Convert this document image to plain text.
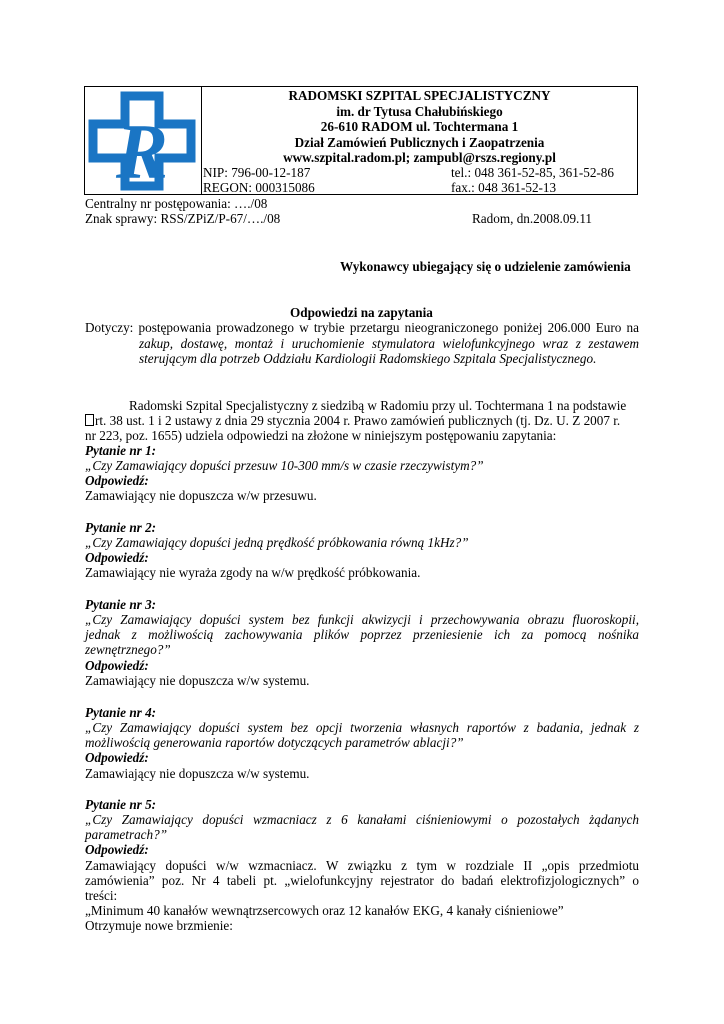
R
RADOMSKI SZPITAL SPECJALISTYCZNY
im. dr Tytusa Chałubińskiego
26-610 RADOM ul. Tochtermana 1
Dział Zamówień Publicznych i Zaopatrzenia
www.szpital.radom.pl; zampubl@rszs.regiony.pl
NIP: 796-00-12-187	tel.: 048 361-52-85, 361-52-86
REGON: 000315086	fax.: 048 361-52-13
Centralny nr postępowania: …./08
Znak sprawy: RSS/ZPiZ/P-67/…./08	Radom, dn.2008.09.11
Wykonawcy ubiegający się o udzielenie zamówienia
Odpowiedzi na zapytania
Dotyczy: postępowania prowadzonego w trybie przetargu nieograniczonego poniżej 206.000 Euro na
zakup, dostawę, montaż i uruchomienie stymulatora wielofunkcyjnego wraz z zestawem
sterującym dla potrzeb Oddziału Kardiologii Radomskiego Szpitala Specjalistycznego.
Radomski Szpital Specjalistyczny z siedzibą w Radomiu przy ul. Tochtermana 1 na podstawie
rt. 38 ust. 1 i 2 ustawy z dnia 29 stycznia 2004 r. Prawo zamówień publicznych (tj. Dz. U. Z 2007 r.
nr 223, poz. 1655) udziela odpowiedzi na złożone w niniejszym postępowaniu zapytania:
Pytanie nr 1:
„Czy Zamawiający dopuści przesuw 10-300 mm/s w czasie rzeczywistym?”
Odpowiedź:
Zamawiający nie dopuszcza w/w przesuwu.
Pytanie nr 2:
„Czy Zamawiający dopuści jedną prędkość próbkowania równą 1kHz?”
Odpowiedź:
Zamawiający nie wyraża zgody na w/w prędkość próbkowania.
Pytanie nr 3:
„Czy Zamawiający dopuści system bez funkcji akwizycji i przechowywania obrazu fluoroskopii,
jednak z możliwością zachowywania plików poprzez przeniesienie ich za pomocą nośnika
zewnętrznego?”
Odpowiedź:
Zamawiający nie dopuszcza w/w systemu.
Pytanie nr 4:
„Czy Zamawiający dopuści system bez opcji tworzenia własnych raportów z badania, jednak z
możliwością generowania raportów dotyczących parametrów ablacji?”
Odpowiedź:
Zamawiający nie dopuszcza w/w systemu.
Pytanie nr 5:
„Czy Zamawiający dopuści wzmacniacz z 6 kanałami ciśnieniowymi o pozostałych żądanych
parametrach?”
Odpowiedź:
Zamawiający dopuści w/w wzmacniacz. W związku z tym w rozdziale II „opis przedmiotu
zamówienia” poz. Nr 4 tabeli pt. „wielofunkcyjny rejestrator do badań elektrofizjologicznych” o
treści:
„Minimum 40 kanałów wewnątrzsercowych oraz 12 kanałów EKG, 4 kanały ciśnieniowe”
Otrzymuje nowe brzmienie:
